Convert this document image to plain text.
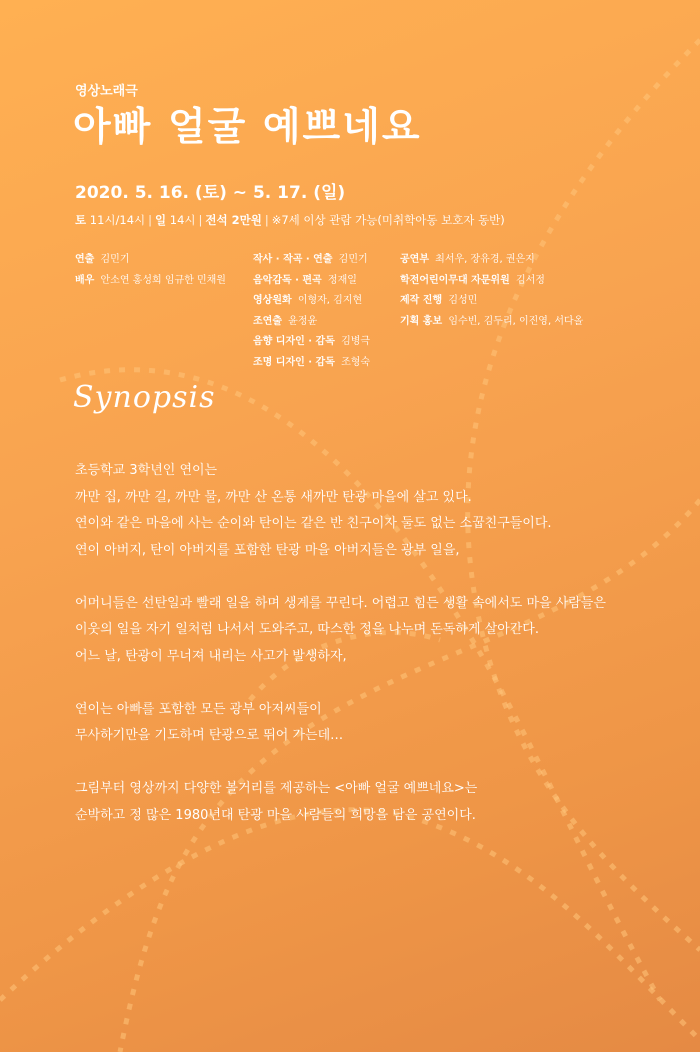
영상노래극
아빠 얼굴 예쁘네요
2020. 5. 16. (토) ~ 5. 17. (일)
토 11시/14시 | 일 14시 | 전석 2만원 | ※7세 이상 관람 가능(미취학아동 보호자 동반)
연출 김민기
배우 안소연 홍성희 임규한 민채원
작사 · 작곡 · 연출 김민기
음악감독 · 편곡 정재일
영상원화 이형자, 김지현
조연출 윤정윤
음향 디자인 · 감독 김병극
조명 디자인 · 감독 조형숙
공연부 최서우, 장유경, 권은지
학전어린이무대 자문위원 김서정
제작 진행 김성민
기획 홍보 임수빈, 김두리, 이진영, 서다올
Synopsis

초등학교 3학년인 연이는
까만 집, 까만 길, 까만 물, 까만 산 온통 새까만 탄광 마을에 살고 있다.
연이와 같은 마을에 사는 순이와 탄이는 같은 반 친구이자 둘도 없는 소꿉친구들이다.
연이 아버지, 탄이 아버지를 포함한 탄광 마을 아버지들은 광부 일을,

어머니들은 선탄일과 빨래 일을 하며 생계를 꾸린다. 어렵고 힘든 생활 속에서도 마을 사람들은
이웃의 일을 자기 일처럼 나서서 도와주고, 따스한 정을 나누며 돈독하게 살아간다.
어느 날, 탄광이 무너져 내리는 사고가 발생하자,

연이는 아빠를 포함한 모든 광부 아저씨들이
무사하기만을 기도하며 탄광으로 뛰어 가는데…

그림부터 영상까지 다양한 볼거리를 제공하는 <아빠 얼굴 예쁘네요>는
순박하고 정 많은 1980년대 탄광 마을 사람들의 희망을 담은 공연이다.
